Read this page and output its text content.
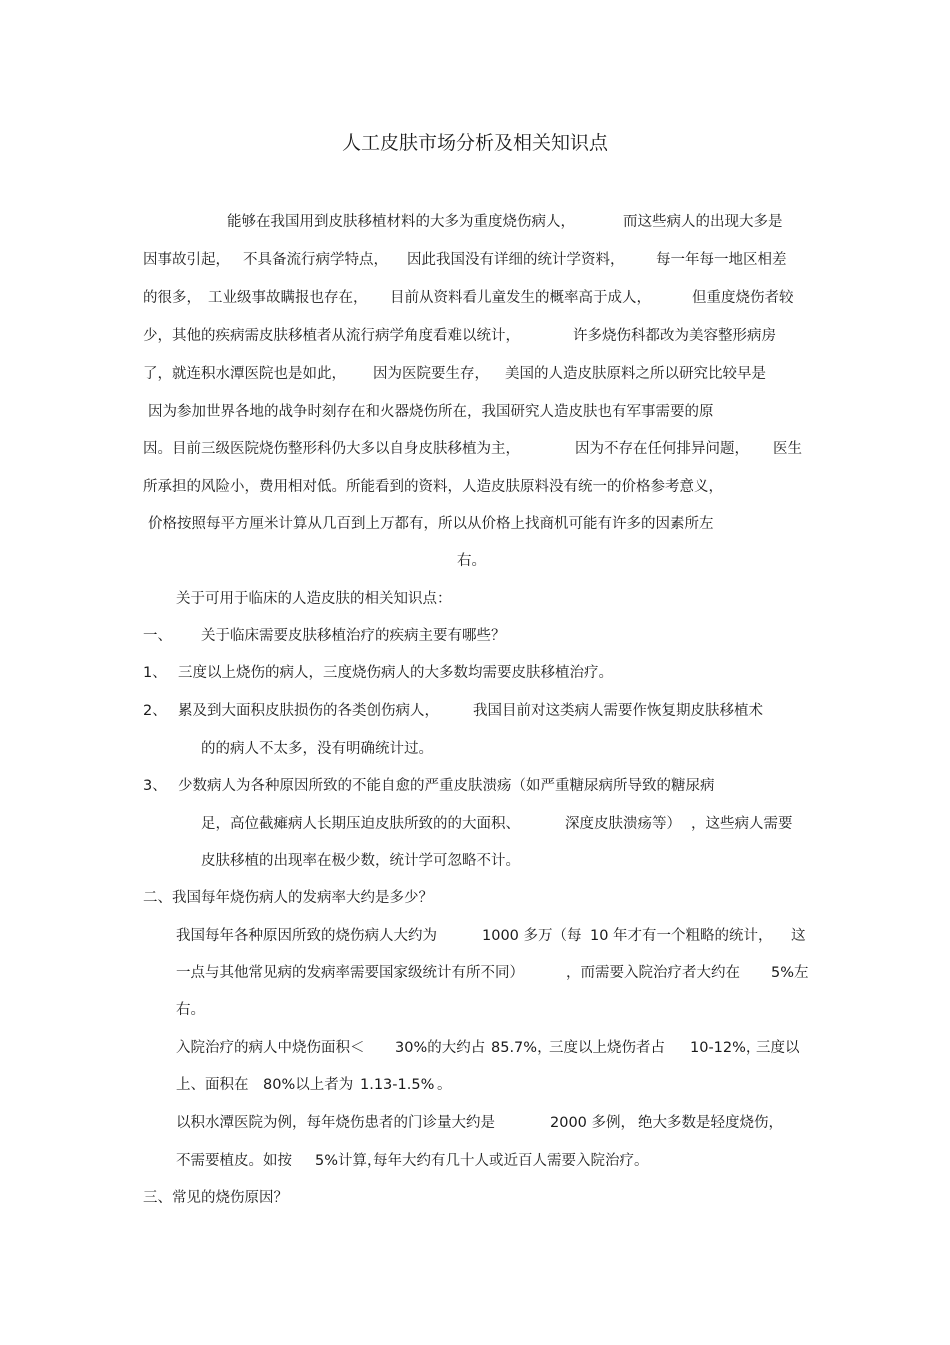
人工皮肤市场分析及相关知识点
能够在我国用到皮肤移植材料的大多为重度烧伤病人，	而这些病人的出现大多是
因事故引起， 不具备流行病学特点， 因此我国没有详细的统计学资料， 每一年每一地区相差
的很多， 工业级事故瞒报也存在， 目前从资料看儿童发生的概率高于成人，	但重度烧伤者较
少，其他的疾病需皮肤移植者从流行病学角度看难以统计，	许多烧伤科都改为美容整形病房
了，就连积水潭医院也是如此， 因为医院要生存， 美国的人造皮肤原料之所以研究比较早是
因为参加世界各地的战争时刻存在和火器烧伤所在，我国研究人造皮肤也有军事需要的原
因。目前三级医院烧伤整形科仍大多以自身皮肤移植为主，	因为不存在任何排异问题， 医生
所承担的风险小，费用相对低。所能看到的资料，人造皮肤原料没有统一的价格参考意义，
价格按照每平方厘米计算从几百到上万都有，所以从价格上找商机可能有许多的因素所左
右。
关于可用于临床的人造皮肤的相关知识点：
一、 关于临床需要皮肤移植治疗的疾病主要有哪些？
1、 三度以上烧伤的病人，三度烧伤病人的大多数均需要皮肤移植治疗。
2、 累及到大面积皮肤损伤的各类创伤病人， 我国目前对这类病人需要作恢复期皮肤移植术
的的病人不太多，没有明确统计过。
3、 少数病人为各种原因所致的不能自愈的严重皮肤溃疡（如严重糖尿病所导致的糖尿病
足，高位截瘫病人长期压迫皮肤所致的的大面积、	深度皮肤溃疡等） ，这些病人需要
皮肤移植的出现率在极少数，统计学可忽略不计。
二、我国每年烧伤病人的发病率大约是多少？
我国每年各种原因所致的烧伤病人大约为	1000 多万（每 10 年才有一个粗略的统计， 这
一点与其他常见病的发病率需要国家级统计有所不同）	，而需要入院治疗者大约在 5%左
右。
入院治疗的病人中烧伤面积＜ 30%的大约占 85.7%，
三度以上烧伤者占 10-12%，
三度以
上、面积在 80%以上者为 1.13-1.5% 。
以积水潭医院为例，每年烧伤患者的门诊量大约是	2000 多例， 绝大多数是轻度烧伤，
不需要植皮。如按 5%计算，
每年大约有几十人或近百人需要入院治疗。
三、常见的烧伤原因？
